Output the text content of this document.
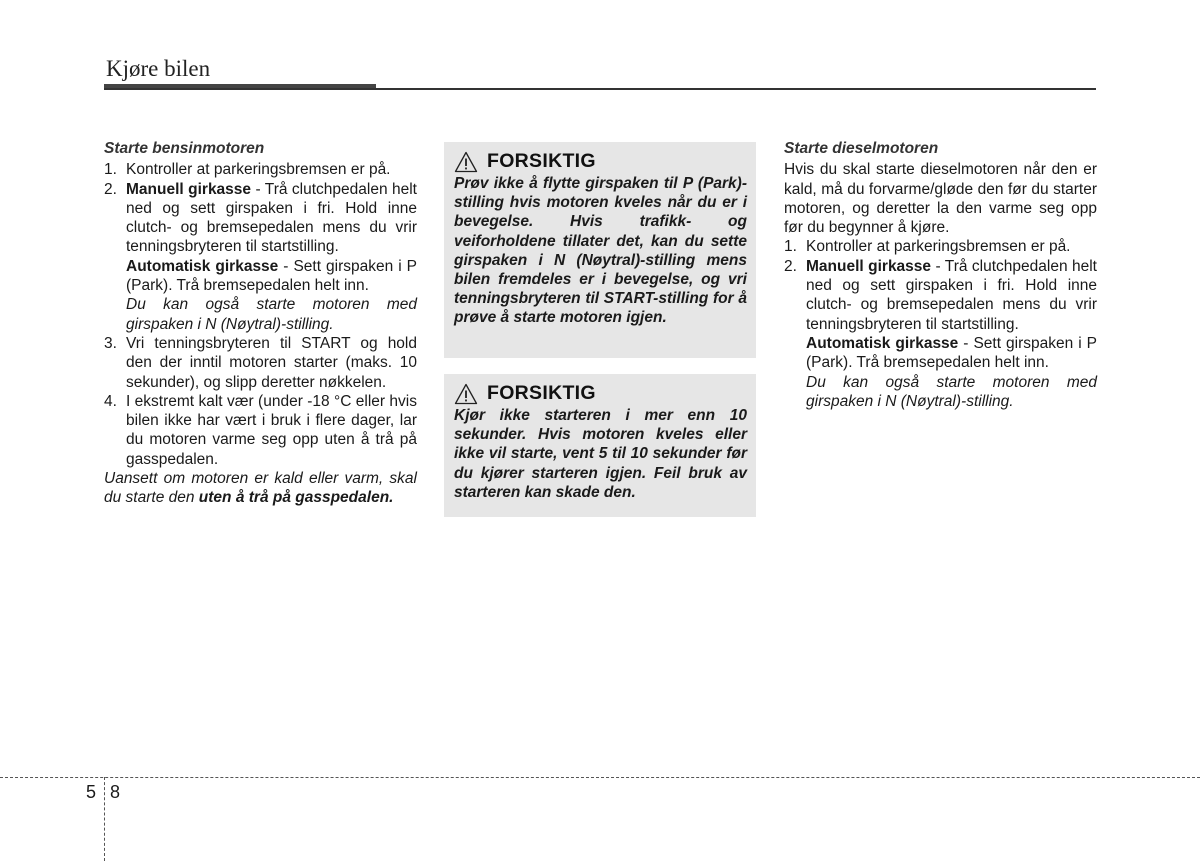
Kjøre bilen
Starte bensinmotoren
1. Kontroller at parkeringsbremsen er på.
2. Manuell girkasse - Trå clutchpedalen helt ned og sett girspaken i fri. Hold inne clutch- og bremsepedalen mens du vrir tenningsbryteren til startstilling.
Automatisk girkasse - Sett girspaken i P (Park). Trå bremsepedalen helt inn.
Du kan også starte motoren med girspaken i N (Nøytral)-stilling.
3. Vri tenningsbryteren til START og hold den der inntil motoren starter (maks. 10 sekunder), og slipp deretter nøkkelen.
4. I ekstremt kalt vær (under -18 °C eller hvis bilen ikke har vært i bruk i flere dager, lar du motoren varme seg opp uten å trå på gasspedalen.
Uansett om motoren er kald eller varm, skal du starte den uten å trå på gasspedalen.
FORSIKTIG
Prøv ikke å flytte girspaken til P (Park)-stilling hvis motoren kveles når du er i bevegelse. Hvis trafikk- og veiforholdene tillater det, kan du sette girspaken i N (Nøytral)-stilling mens bilen fremdeles er i bevegelse, og vri tenningsbryteren til START-stilling for å prøve å starte motoren igjen.
FORSIKTIG
Kjør ikke starteren i mer enn 10 sekunder. Hvis motoren kveles eller ikke vil starte, vent 5 til 10 sekunder før du kjører starteren igjen. Feil bruk av starteren kan skade den.
Starte dieselmotoren
Hvis du skal starte dieselmotoren når den er kald, må du forvarme/gløde den før du starter motoren, og deretter la den varme seg opp før du begynner å kjøre.
1. Kontroller at parkeringsbremsen er på.
2. Manuell girkasse - Trå clutchpedalen helt ned og sett girspaken i fri. Hold inne clutch- og bremsepedalen mens du vrir tenningsbryteren til startstilling.
Automatisk girkasse - Sett girspaken i P (Park). Trå bremsepedalen helt inn.
Du kan også starte motoren med girspaken i N (Nøytral)-stilling.
5 8
